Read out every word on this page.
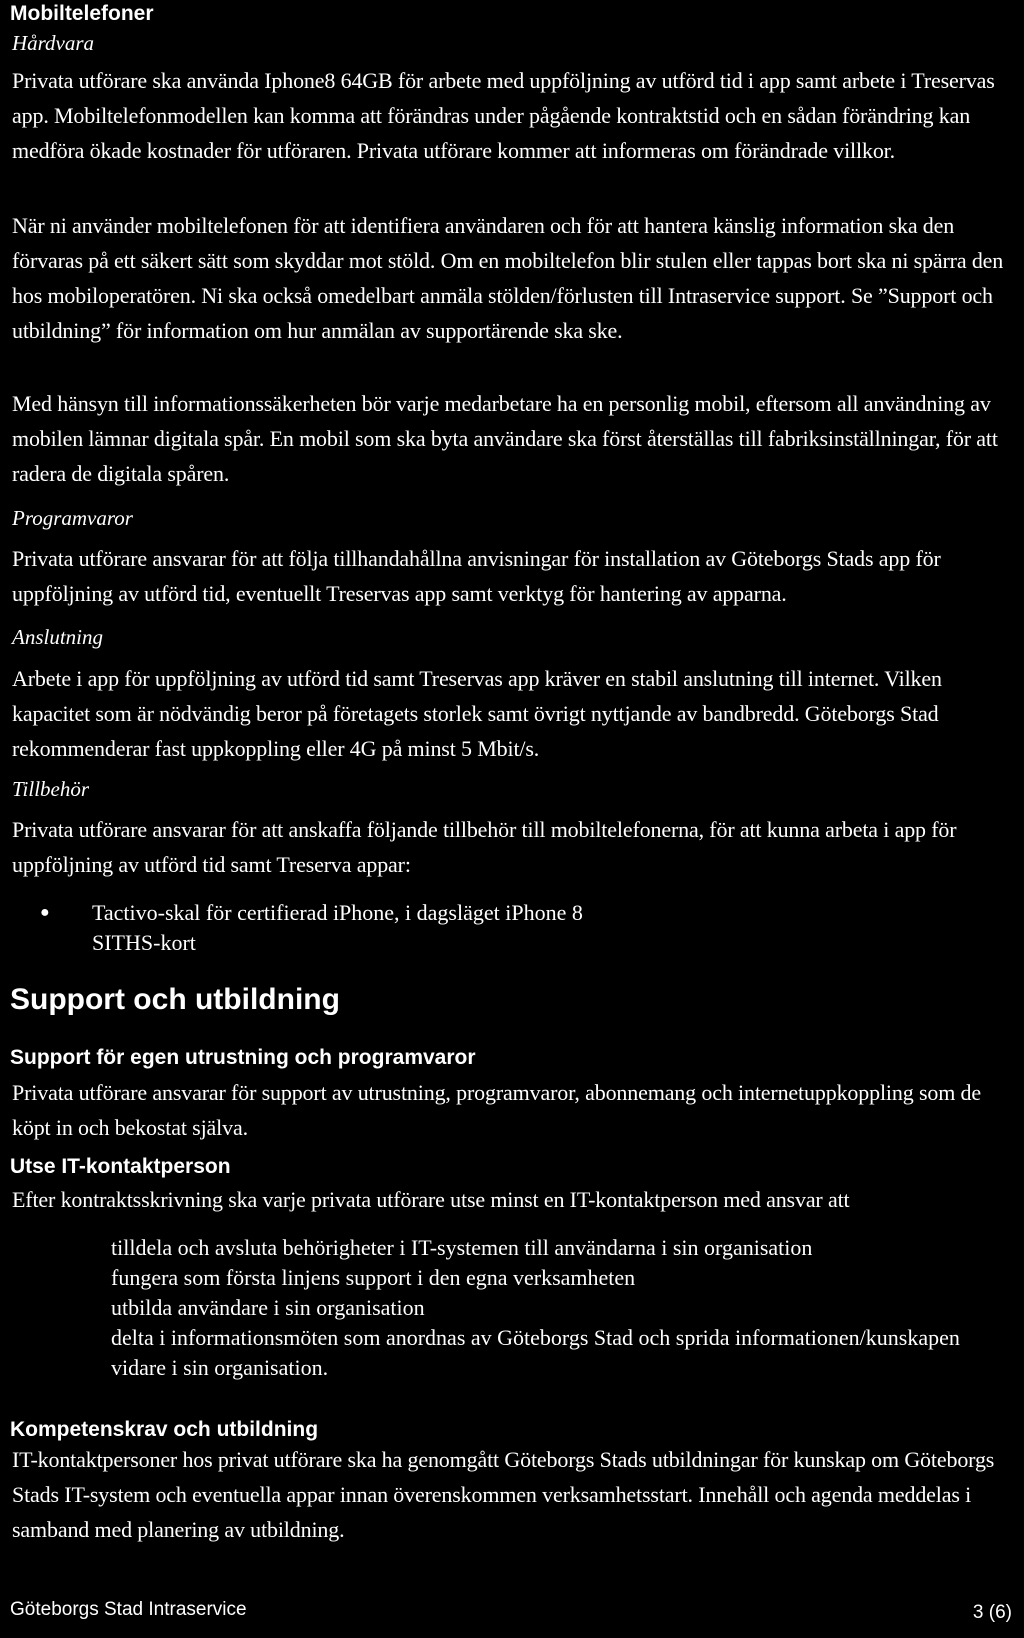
Mobiltelefoner

Hårdvara

Privata utförare ska använda Iphone8 64GB för arbete med uppföljning av utförd tid i app samt arbete i Treservas app. Mobiltelefonmodellen kan komma att förändras under pågående kontraktstid och en sådan förändring kan medföra ökade kostnader för utföraren. Privata utförare kommer att informeras om förändrade villkor.

När ni använder mobiltelefonen för att identifiera användaren och för att hantera känslig information ska den förvaras på ett säkert sätt som skyddar mot stöld. Om en mobiltelefon blir stulen eller tappas bort ska ni spärra den hos mobiloperatören. Ni ska också omedelbart anmäla stölden/förlusten till Intraservice support. Se ”Support och utbildning” för information om hur anmälan av supportärende ska ske.

Med hänsyn till informationssäkerheten bör varje medarbetare ha en personlig mobil, eftersom all användning av mobilen lämnar digitala spår. En mobil som ska byta användare ska först återställas till fabriksinställningar, för att radera de digitala spåren.

Programvaror

Privata utförare ansvarar för att följa tillhandahållna anvisningar för installation av Göteborgs Stads app för uppföljning av utförd tid, eventuellt Treservas app samt verktyg för hantering av apparna.

Anslutning

Arbete i app för uppföljning av utförd tid samt Treservas app kräver en stabil anslutning till internet. Vilken kapacitet som är nödvändig beror på företagets storlek samt övrigt nyttjande av bandbredd. Göteborgs Stad rekommenderar fast uppkoppling eller 4G på minst 5 Mbit/s.

Tillbehör

Privata utförare ansvarar för att anskaffa följande tillbehör till mobiltelefonerna, för att kunna arbeta i app för uppföljning av utförd tid samt Treserva appar:

●	Tactivo-skal för certifierad iPhone, i dagsläget iPhone 8
SITHS-kort
Support och utbildning
Support för egen utrustning och programvaror

Privata utförare ansvarar för support av utrustning, programvaror, abonnemang och internetuppkoppling som de köpt in och bekostat själva.

Utse IT-kontaktperson

Efter kontraktsskrivning ska varje privata utförare utse minst en IT-kontaktperson med ansvar att

tilldela och avsluta behörigheter i IT-systemen till användarna i sin organisation
fungera som första linjens support i den egna verksamheten
utbilda användare i sin organisation
delta i informationsmöten som anordnas av Göteborgs Stad och sprida informationen/kunskapen vidare i sin organisation.
Kompetenskrav och utbildning

IT-kontaktpersoner hos privat utförare ska ha genomgått Göteborgs Stads utbildningar för kunskap om Göteborgs Stads IT-system och eventuella appar innan överenskommen verksamhetsstart. Innehåll och agenda meddelas i samband med planering av utbildning.

Göteborgs Stad Intraservice	3 (6)
